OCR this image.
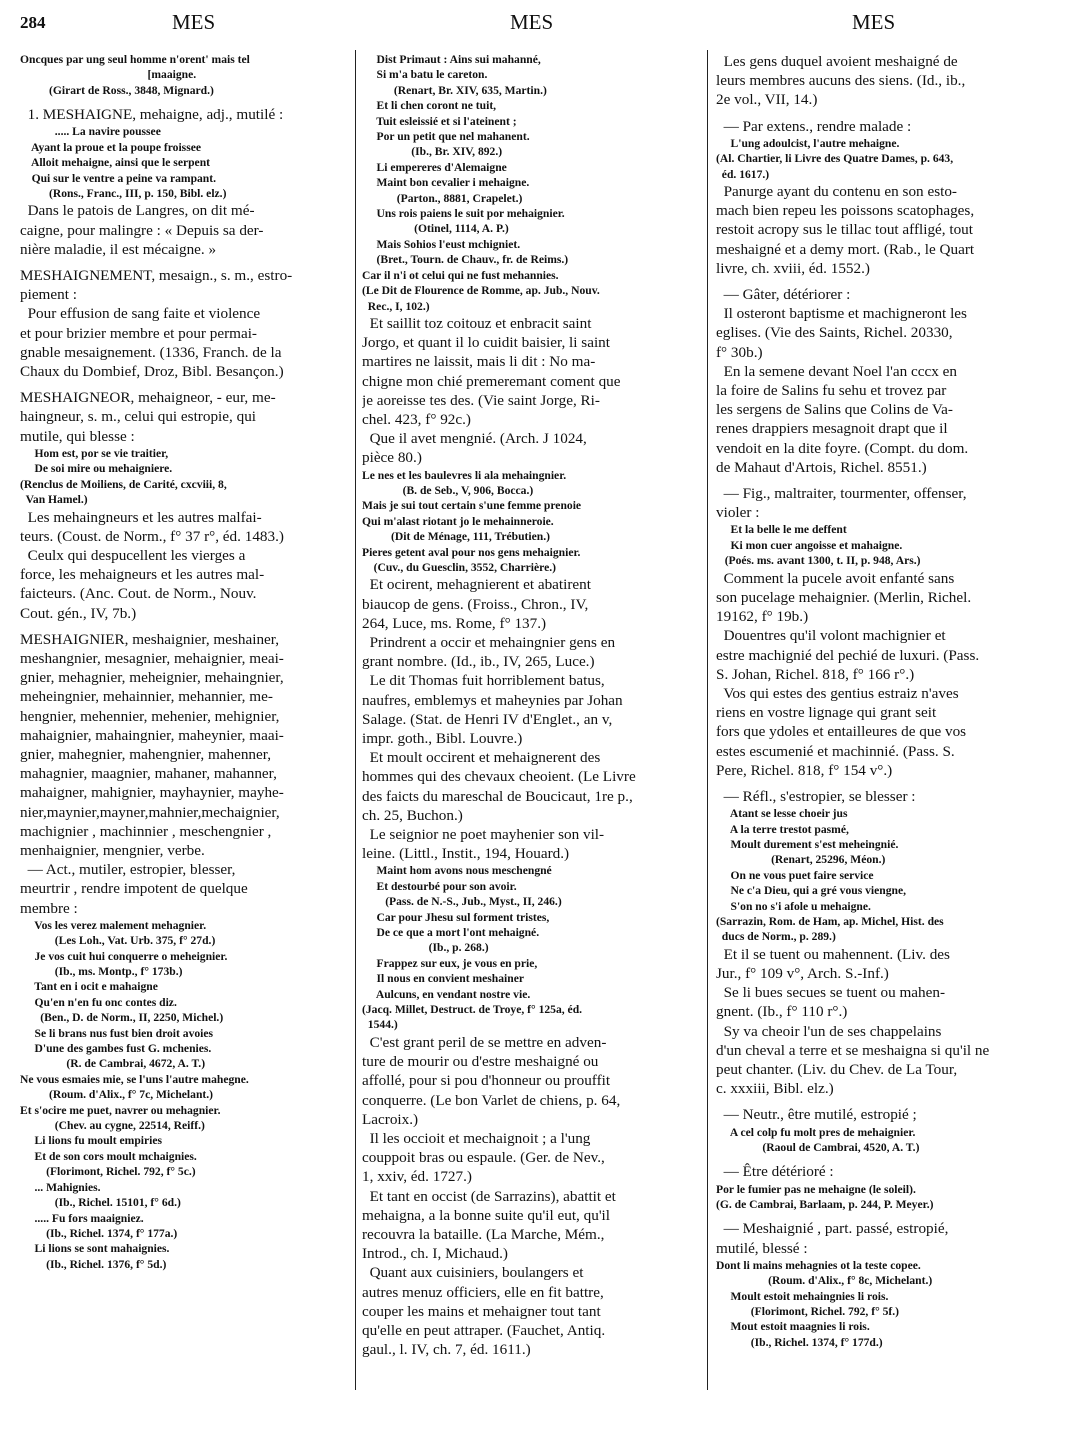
284	MES	MES	MES
Oncques par ung seul homme n'orent' mais tel
[maaigne.
(Girart de Ross., 3848, Mignard.)
1. MESHAIGNE, mehaigne, adj., mutilé :
..... La navire poussee
Ayant la proue et la poupe froissee
Alloit mehaigne, ainsi que le serpent
Qui sur le ventre a peine va rampant.
(Rons., Franc., III, p. 150, Bibl. elz.)
Dans le patois de Langres, on dit mé-
caigne, pour malingre : « Depuis sa der-
nière maladie, il est mécaigne. »
MESHAIGNEMENT, mesaign., s. m., estro-
piement :
Pour effusion de sang faite et violence
et pour brizier membre et pour permai-
gnable mesaignement. (1336, Franch. de la
Chaux du Dombief, Droz, Bibl. Besançon.)
MESHAIGNEOR, mehaigneor, - eur, me-
haingneur, s. m., celui qui estropie, qui
mutile, qui blesse :
Hom est, por se vie traitier,
De soi mire ou mehaigniere.
(Renclus de Moiliens, de Carité, cxcviii, 8,
Van Hamel.)
Les mehaingneurs et les autres malfai-
teurs. (Coust. de Norm., f° 37 r°, éd. 1483.)
Ceulx qui despucellent les vierges a
force, les mehaigneurs et les autres mal-
faicteurs. (Anc. Cout. de Norm., Nouv.
Cout. gén., IV, 7b.)
MESHAIGNIER, meshaignier, meshainer,
meshangnier, mesagnier, mehaignier, meai-
gnier, mehagnier, meheignier, mehaingnier,
meheingnier, mehainnier, mehannier, me-
hengnier, mehennier, mehenier, mehignier,
mahaignier, mahaingnier, maheynier, maai-
gnier, mahegnier, mahengnier, mahenner,
mahagnier, maagnier, mahaner, mahanner,
mahaigner, mahignier, mayhaynier, mayhe-
nier,maynier,mayner,mahnier,mechaignier,
machignier , machinnier , meschengnier ,
menhaignier, mengnier, verbe.
— Act., mutiler, estropier, blesser,
meurtrir , rendre impotent de quelque
membre :
Vos les verez malement mehagnier.
(Les Loh., Vat. Urb. 375, f° 27d.)
Je vos cuit hui conquerre o meheignier.
(Ib., ms. Montp., f° 173b.)
Tant en i ocit e mahaigne
Qu'en n'en fu onc contes diz.
(Ben., D. de Norm., II, 2250, Michel.)
Se li brans nus fust bien droit avoies
D'une des gambes fust G. mchenies.
(R. de Cambrai, 4672, A. T.)
Ne vous esmaies mie, se l'uns l'autre mahegne.
(Roum. d'Alix., f° 7c, Michelant.)
Et s'ocire me puet, navrer ou mehagnier.
(Chev. au cygne, 22514, Reiff.)
Li lions fu moult empiries
Et de son cors moult mchaignies.
(Florimont, Richel. 792, f° 5c.)
... Mahignies.
(Ib., Richel. 15101, f° 6d.)
..... Fu fors maaigniez.
(Ib., Richel. 1374, f° 177a.)
Li lions se sont mahaignies.
(Ib., Richel. 1376, f° 5d.)
Dist Primaut : Ains sui mahanné,
Si m'a batu le careton.
(Renart, Br. XIV, 635, Martin.)
Et li chen coront ne tuit,
Tuit esleissié et si l'ateinent ;
Por un petit que nel mahanent.
(Ib., Br. XIV, 892.)
Li empereres d'Alemaigne
Maint bon cevalier i mehaigne.
(Parton., 8881, Crapelet.)
Uns rois paiens le suit por mehaignier.
(Otinel, 1114, A. P.)
Mais Sohios l'eust mchigniet.
(Bret., Tourn. de Chauv., fr. de Reims.)
Car il n'i ot celui qui ne fust mehannies.
(Le Dit de Flourence de Romme, ap. Jub., Nouv.
Rec., I, 102.)
Et saillit toz coitouz et enbracit saint
Jorgo, et quant il lo cuidit baisier, li saint
martires ne laissit, mais li dit : No ma-
chigne mon chié premeremant coment que
je aoreisse tes des. (Vie saint Jorge, Ri-
chel. 423, f° 92c.)
Que il avet mengnié. (Arch. J 1024,
pièce 80.)
Le nes et les baulevres li ala mehaingnier.
(B. de Seb., V, 906, Bocca.)
Mais je sui tout certain s'une femme prenoie
Qui m'alast riotant jo le mehainneroie.
(Dit de Ménage, 111, Trébutien.)
Pieres getent aval pour nos gens mehaignier.
(Cuv., du Guesclin, 3552, Charrière.)
Et ocirent, mehagnierent et abatirent
biaucop de gens. (Froiss., Chron., IV,
264, Luce, ms. Rome, f° 137.)
Prindrent a occir et mehaingnier gens en
grant nombre. (Id., ib., IV, 265, Luce.)
Le dit Thomas fuit horriblement batus,
naufres, emblemys et maheynies par Johan
Salage. (Stat. de Henri IV d'Englet., an v,
impr. goth., Bibl. Louvre.)
Et moult occirent et mehaignerent des
hommes qui des chevaux cheoient. (Le Livre
des faicts du mareschal de Boucicaut, 1re p.,
ch. 25, Buchon.)
Le seignior ne poet mayhenier son vil-
leine. (Littl., Instit., 194, Houard.)
Maint hom avons nous meschengné
Et destourbé pour son avoir.
(Pass. de N.-S., Jub., Myst., II, 246.)
Car pour Jhesu sul forment tristes,
De ce que a mort l'ont mehaigné.
(Ib., p. 268.)
Frappez sur eux, je vous en prie,
Il nous en convient meshainer
Aulcuns, en vendant nostre vie.
(Jacq. Millet, Destruct. de Troye, f° 125a, éd.
1544.)
C'est grant peril de se mettre en adven-
ture de mourir ou d'estre meshaigné ou
affollé, pour si pou d'honneur ou prouffit
conquerre. (Le bon Varlet de chiens, p. 64,
Lacroix.)
Il les occioit et mechaignoit ; a l'ung
couppoit bras ou espaule. (Ger. de Nev.,
1, xxiv, éd. 1727.)
Et tant en occist (de Sarrazins), abattit et
mehaigna, a la bonne suite qu'il eut, qu'il
recouvra la bataille. (La Marche, Mém.,
Introd., ch. I, Michaud.)
Quant aux cuisiniers, boulangers et
autres menuz officiers, elle en fit battre,
couper les mains et mehaigner tout tant
qu'elle en peut attraper. (Fauchet, Antiq.
gaul., l. IV, ch. 7, éd. 1611.)
Les gens duquel avoient meshaigné de
leurs membres aucuns des siens. (Id., ib.,
2e vol., VII, 14.)
— Par extens., rendre malade :
L'ung adoulcist, l'autre mehaigne.
(Al. Chartier, li Livre des Quatre Dames, p. 643,
éd. 1617.)
Panurge ayant du contenu en son esto-
mach bien repeu les poissons scatophages,
restoit acropy sus le tillac tout affligé, tout
meshaigné et a demy mort. (Rab., le Quart
livre, ch. xviii, éd. 1552.)
— Gâter, détériorer :
Il osteront baptisme et machigneront les
eglises. (Vie des Saints, Richel. 20330,
f° 30b.)
En la semene devant Noel l'an cccx en
la foire de Salins fu sehu et trovez par
les sergens de Salins que Colins de Va-
renes drappiers mesagnoit drapt que il
vendoit en la dite foyre. (Compt. du dom.
de Mahaut d'Artois, Richel. 8551.)
— Fig., maltraiter, tourmenter, offenser,
violer :
Et la belle le me deffent
Ki mon cuer angoisse et mahaigne.
(Poés. ms. avant 1300, t. II, p. 948, Ars.)
Comment la pucele avoit enfanté sans
son pucelage mehaignier. (Merlin, Richel.
19162, f° 19b.)
Douentres qu'il volont machignier et
estre machignié del pechié de luxuri. (Pass.
S. Johan, Richel. 818, f° 166 r°.)
Vos qui estes des gentius estraiz n'aves
riens en vostre lignage qui grant seit
fors que ydoles et entailleures de que vos
estes escumenié et machinnié. (Pass. S.
Pere, Richel. 818, f° 154 v°.)
— Réfl., s'estropier, se blesser :
Atant se lesse choeir jus
A la terre trestot pasmé,
Moult durement s'est meheingnié.
(Renart, 25296, Méon.)
On ne vous puet faire service
Ne c'a Dieu, qui a gré vous viengne,
S'on no s'i afole u mehaigne.
(Sarrazin, Rom. de Ham, ap. Michel, Hist. des
ducs de Norm., p. 289.)
Et il se tuent ou mahennent. (Liv. des
Jur., f° 109 v°, Arch. S.-Inf.)
Se li bues secues se tuent ou mahen-
gnent. (Ib., f° 110 r°.)
Sy va cheoir l'un de ses chappelains
d'un cheval a terre et se meshaigna si qu'il ne
peut chanter. (Liv. du Chev. de La Tour,
c. xxxiii, Bibl. elz.)
— Neutr., être mutilé, estropié ;
A cel colp fu molt pres de mehaignier.
(Raoul de Cambrai, 4520, A. T.)
— Être détérioré :
Por le fumier pas ne mehaigne (le soleil).
(G. de Cambrai, Barlaam, p. 244, P. Meyer.)
— Meshaignié , part. passé, estropié,
mutilé, blessé :
Dont li mains mehagnies ot la teste copee.
(Roum. d'Alix., f° 8c, Michelant.)
Moult estoit mehaingnies li rois.
(Florimont, Richel. 792, f° 5f.)
Mout estoit maagnies li rois.
(Ib., Richel. 1374, f° 177d.)
